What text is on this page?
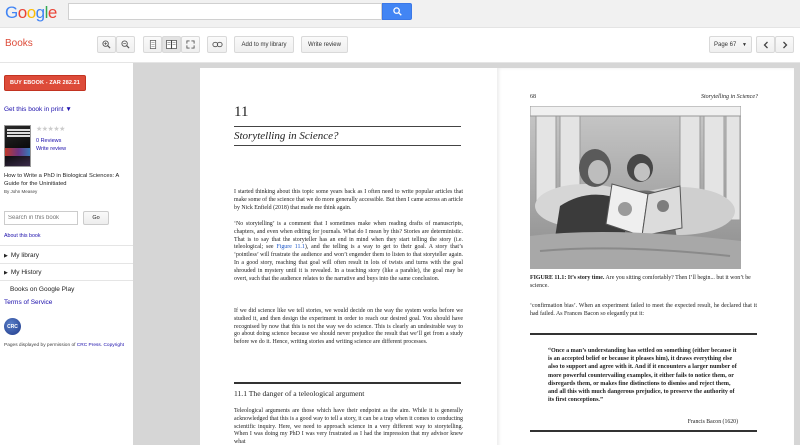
Google
Books	Add to my library	Write review	Page 67 ▼
BUY EBOOK - ZAR 282.21
Get this book in print ▼
★★★★★
0 Reviews
Write review
How to Write a PhD in Biological Sciences: A Guide for the Uninitiated
By John Measey
Search in this book
Go
About this book
▶ My library
▶ My History
Books on Google Play
Terms of Service
CRC
Pages displayed by permission of CRC Press. Copyright
11
Storytelling in Science?
I started thinking about this topic some years back as I often need to write popular articles that make some of the science that we do more generally accessible. But then I came across an article by Nick Enfield (2018) that made me think again.
‘No storytelling’ is a comment that I sometimes make when reading drafts of manuscripts, chapters, and even when editing for journals. What do I mean by this? Stories are deterministic. That is to say that the storyteller has an end in mind when they start telling the story (i.e. teleological; see Figure 11.1), and the telling is a way to get to their goal. A story that’s ‘pointless’ will frustrate the audience and won’t engender them to listen to that storyteller again. In a good story, reaching that goal will often result in lots of twists and turns with the goal shrouded in mystery until it is revealed. In a teaching story (like a parable), the goal may be overt, such that the audience relates to the narrative and buys into the same conclusion.
If we did science like we tell stories, we would decide on the way the system works before we studied it, and then design the experiment in order to reach our desired goal. You should have recognised by now that this is not the way we do science. This is clearly an undesirable way to go about doing science because we should never prejudice the result that we’ll get from a study before we do it. Hence, writing stories and writing science are different processes.
11.1 The danger of a teleological argument
Teleological arguments are those which have their endpoint as the aim. While it is generally acknowledged that this is a good way to tell a story, it can be a trap when it comes to conducting scientific inquiry. Here, we need to approach science in a very different way to storytelling. When I was doing my PhD I was very frustrated as I had the impression that my advisor knew what
68	Storytelling in Science?
FIGURE 11.1: It’s story time. Are you sitting comfortably? Then I’ll begin... but it won’t be science.
‘confirmation bias’. When an experiment failed to meet the expected result, he declared that it had failed. As Frances Bacon so elegantly put it:
“Once a man’s understanding has settled on something (either because it is an accepted belief or because it pleases him), it draws everything else also to support and agree with it. And if it encounters a larger number of more powerful countervailing examples, it either fails to notice them, or disregards them, or makes fine distinctions to dismiss and reject them, and all this with much dangerous prejudice, to preserve the authority of its first conceptions.”
Francis Bacon (1620)
